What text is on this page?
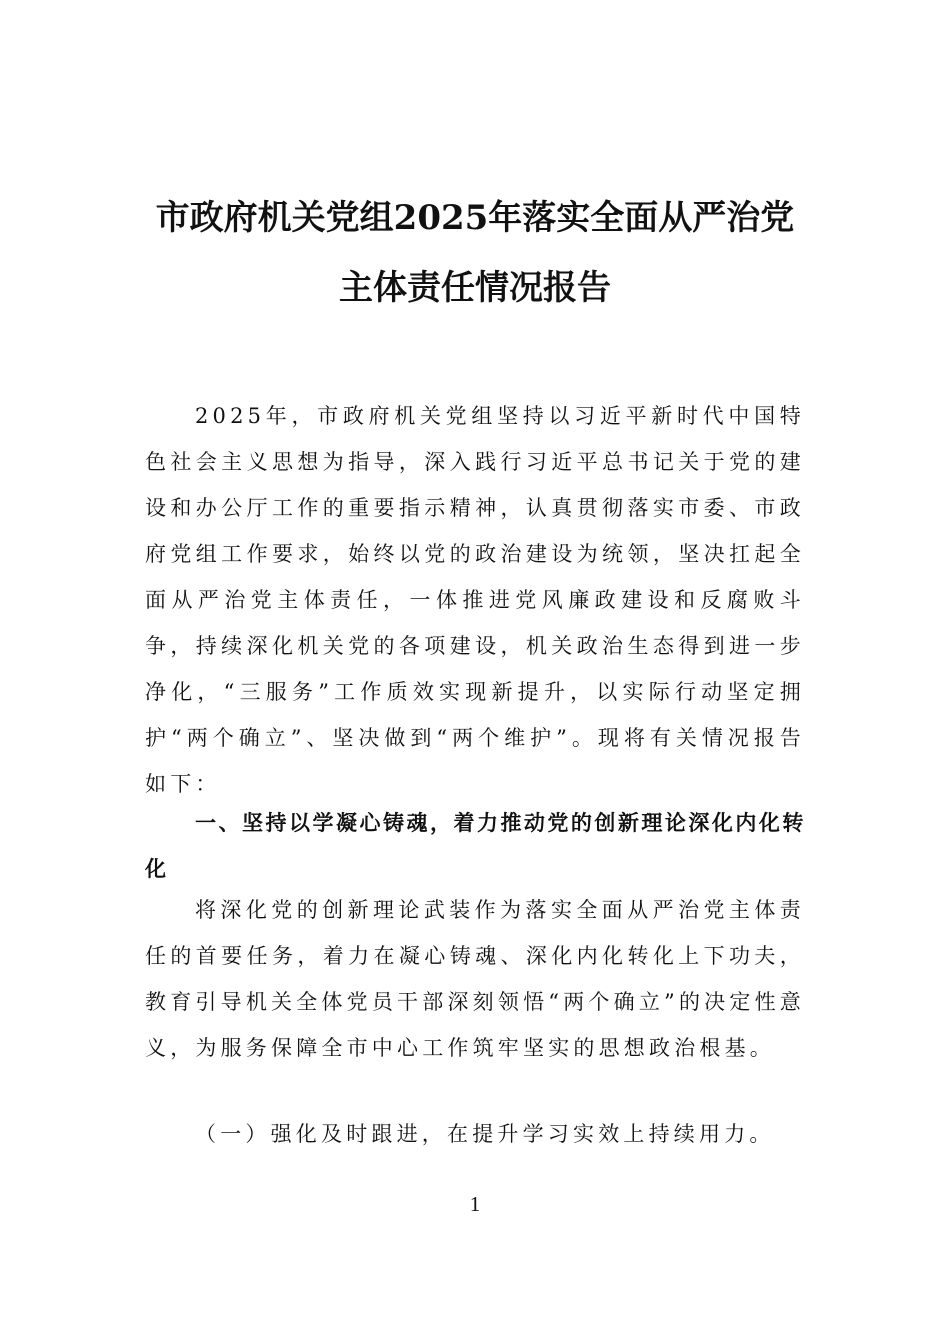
市政府机关党组2025年落实全面从严治党
主体责任情况报告
2025年，市政府机关党组坚持以习近平新时代中国特色社会主义思想为指导，深入践行习近平总书记关于党的建设和办公厅工作的重要指示精神，认真贯彻落实市委、市政府党组工作要求，始终以党的政治建设为统领，坚决扛起全面从严治党主体责任，一体推进党风廉政建设和反腐败斗争，持续深化机关党的各项建设，机关政治生态得到进一步净化，“三服务”工作质效实现新提升，以实际行动坚定拥护“两个确立”、坚决做到“两个维护”。现将有关情况报告如下：
一、坚持以学凝心铸魂，着力推动党的创新理论深化内化转化
将深化党的创新理论武装作为落实全面从严治党主体责任的首要任务，着力在凝心铸魂、深化内化转化上下功夫，教育引导机关全体党员干部深刻领悟“两个确立”的决定性意义，为服务保障全市中心工作筑牢坚实的思想政治根基。
（一）强化及时跟进，在提升学习实效上持续用力。
1
